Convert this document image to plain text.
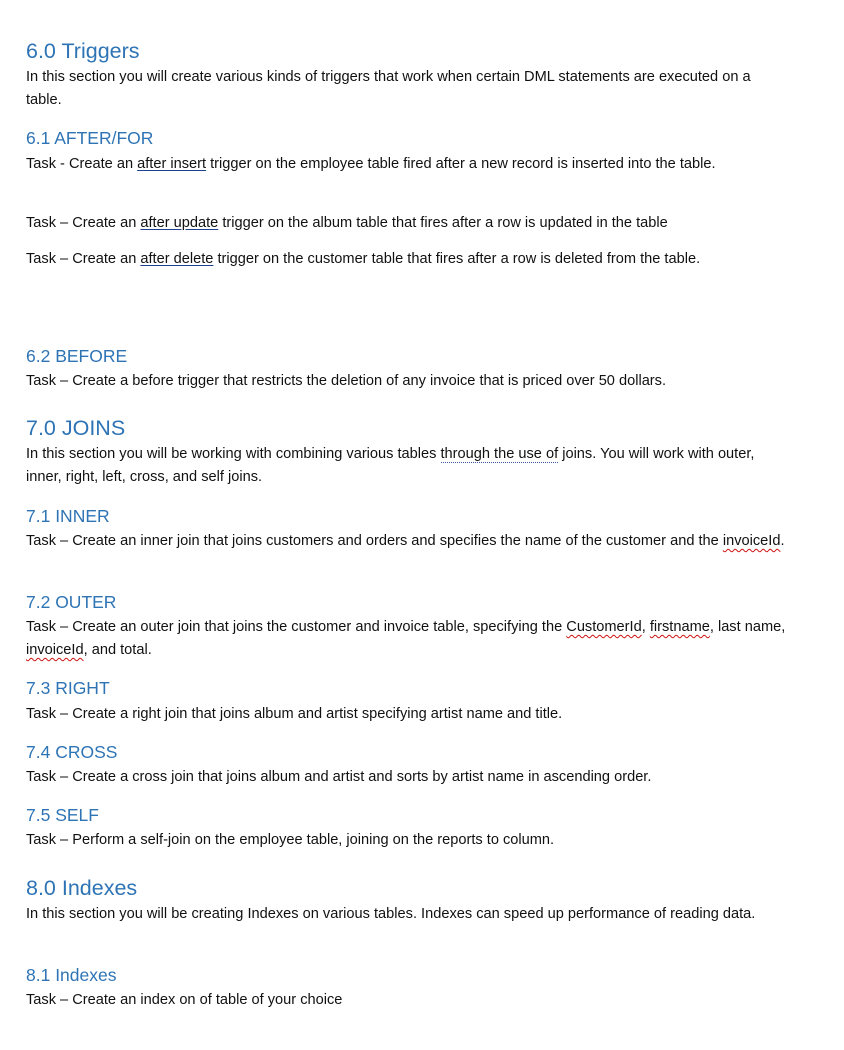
6.0 Triggers

In this section you will create various kinds of triggers that work when certain DML statements are executed on a table.

6.1 AFTER/FOR

Task - Create an after insert trigger on the employee table fired after a new record is inserted into the table.

Task – Create an after update trigger on the album table that fires after a row is updated in the table

Task – Create an after delete trigger on the customer table that fires after a row is deleted from the table.

6.2 BEFORE

Task – Create a before trigger that restricts the deletion of any invoice that is priced over 50 dollars.

7.0 JOINS

In this section you will be working with combining various tables through the use of joins. You will work with outer, inner, right, left, cross, and self joins.

7.1 INNER

Task – Create an inner join that joins customers and orders and specifies the name of the customer and the invoiceId.

7.2 OUTER

Task – Create an outer join that joins the customer and invoice table, specifying the CustomerId, firstname, last name, invoiceId, and total.

7.3 RIGHT

Task – Create a right join that joins album and artist specifying artist name and title.

7.4 CROSS

Task – Create a cross join that joins album and artist and sorts by artist name in ascending order.

7.5 SELF

Task – Perform a self-join on the employee table, joining on the reports to column.

8.0 Indexes

In this section you will be creating Indexes on various tables. Indexes can speed up performance of reading data.

8.1 Indexes

Task – Create an index on of table of your choice
